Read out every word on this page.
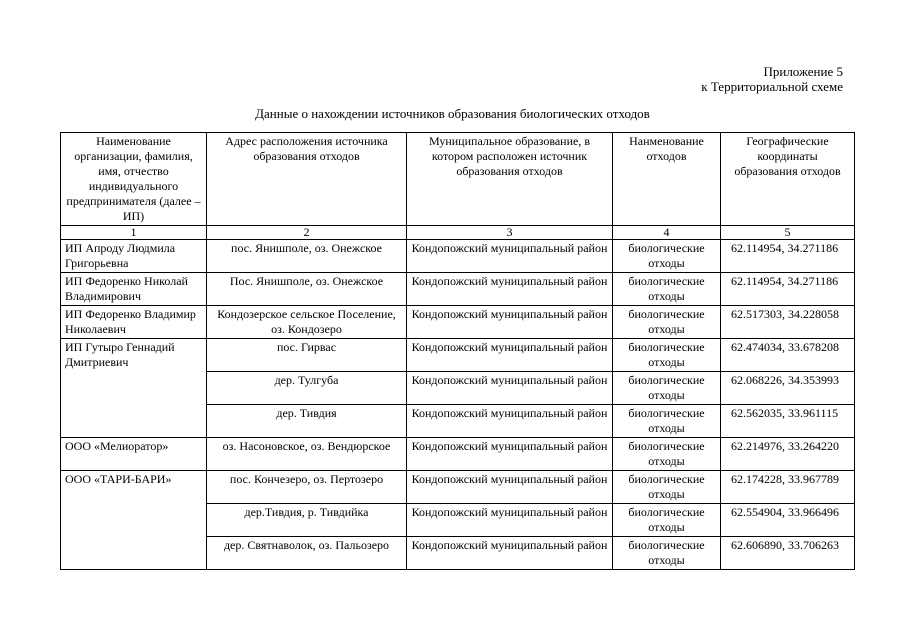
Приложение 5
к Территориальной схеме
Данные о нахождении источников образования биологических отходов
Наименование организации, фамилия, имя, отчество индивидуального предпринимателя (далее – ИП)	Адрес расположения источника образования отходов	Муниципальное образование, в котором расположен источник образования отходов	Нанменование отходов	Географические координаты образования отходов
1	2	3	4	5
ИП Апроду Людмила Григорьевна	пос. Янишполе, оз. Онежское	Кондопожский муниципальный район	биологические отходы	62.114954, 34.271186
ИП Федоренко Николай Владимирович	Пос. Янишполе, оз. Онежское	Кондопожский муниципальный район	биологические отходы	62.114954, 34.271186
ИП Федоренко Владимир Николаевич	Кондозерское сельское Поселение, оз. Кондозеро	Кондопожский муниципальный район	биологические отходы	62.517303, 34.228058
ИП Гутыро Геннадий Дмитриевич	пос. Гирвас	Кондопожский муниципальный район	биологические отходы	62.474034, 33.678208
	дер. Тулгуба	Кондопожский муниципальный район	биологические отходы	62.068226, 34.353993
	дер. Тивдия	Кондопожский муниципальный район	биологические отходы	62.562035, 33.961115
ООО «Мелиоратор»	оз. Насоновское, оз. Вендюрское	Кондопожский муниципальный район	биологические отходы	62.214976, 33.264220
ООО «ТАРИ-БАРИ»	пос. Кончезеро, оз. Пертозеро	Кондопожский муниципальный район	биологические отходы	62.174228, 33.967789
	дер.Тивдия, р. Тивдийка	Кондопожский муниципальный район	биологические отходы	62.554904, 33.966496
	дер. Святнаволок, оз. Пальозеро	Кондопожский муниципальный район	биологические отходы	62.606890, 33.706263
